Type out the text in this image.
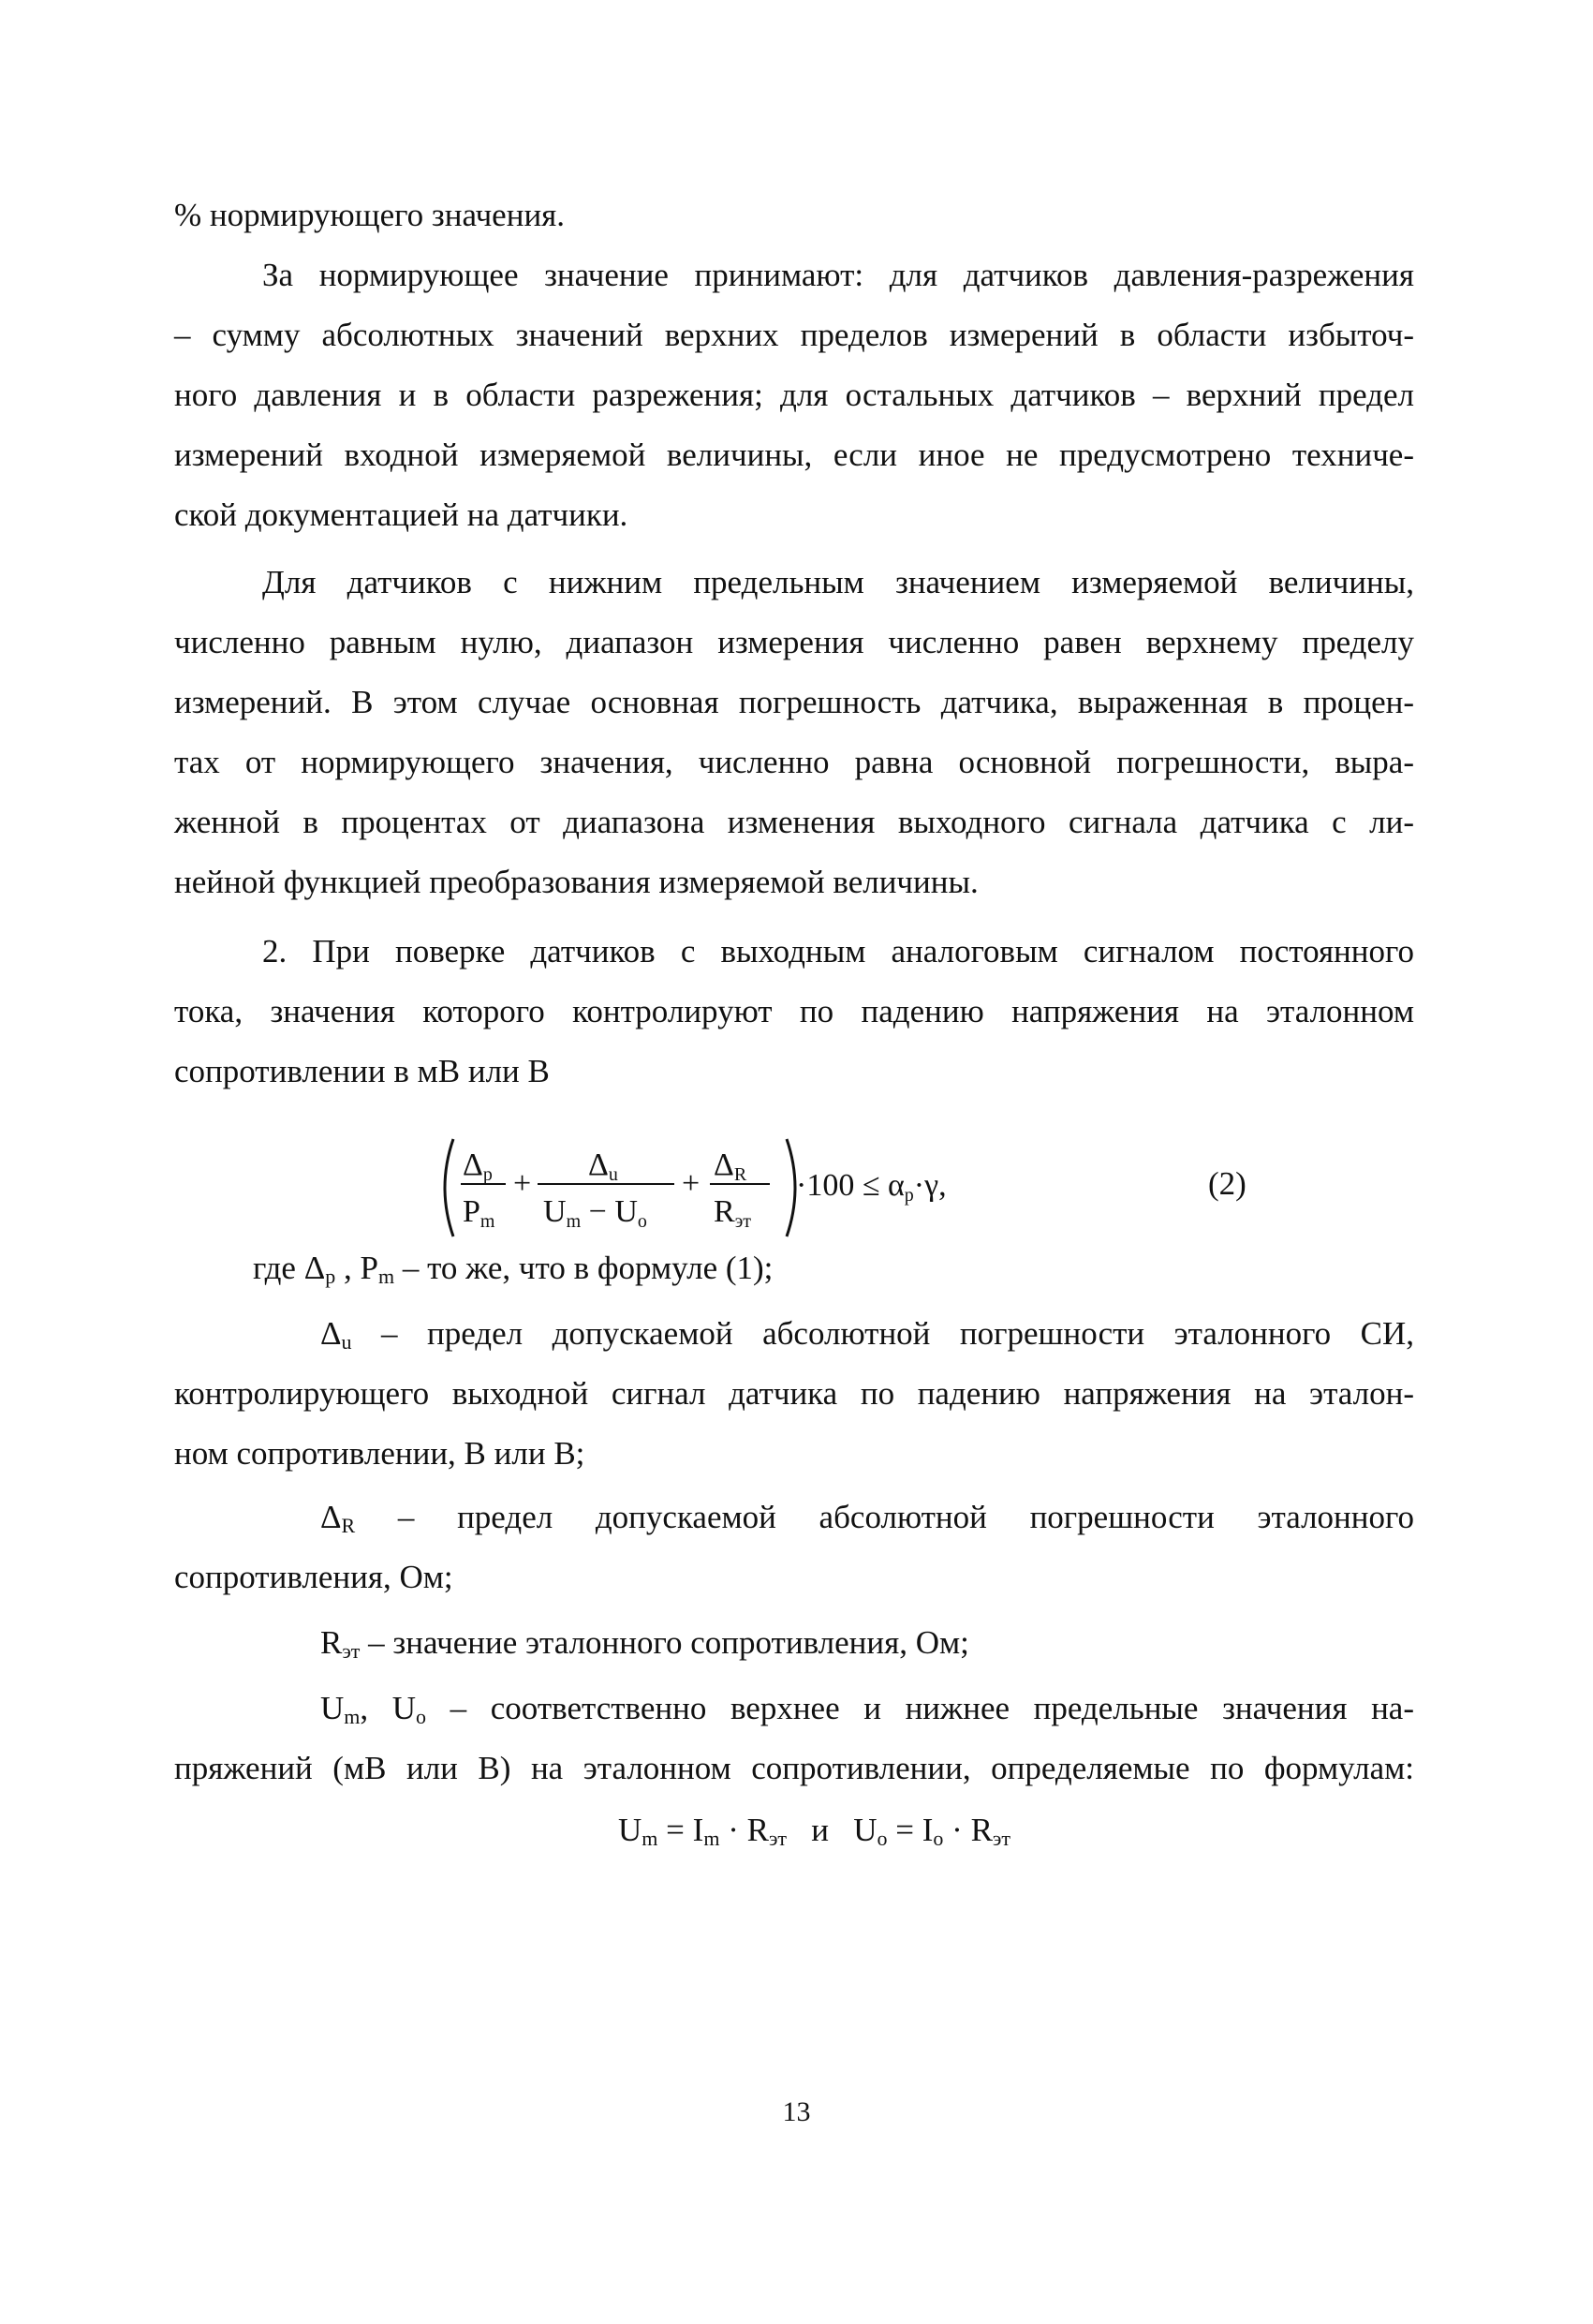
% нормирующего значения.
За нормирующее значение принимают: для датчиков давления-разрежения
– сумму абсолютных значений верхних пределов измерений в области избыточ-
ного давления и в области разрежения; для остальных датчиков – верхний предел
измерений входной измеряемой величины, если иное не предусмотрено техниче-
ской документацией на датчики.
Для датчиков с нижним предельным значением измеряемой величины,
численно равным нулю, диапазон измерения численно равен верхнему пределу
измерений. В этом случае основная погрешность датчика, выраженная в процен-
тах от нормирующего значения, численно равна основной погрешности, выра-
женной в процентах от диапазона изменения выходного сигнала датчика с ли-
нейной функцией преобразования измеряемой величины.
2. При поверке датчиков с выходным аналоговым сигналом постоянного
тока, значения которого контролируют по падению напряжения на эталонном
сопротивлении в мВ или В
Δp
Pm
+
Δu
Um − Uo
+
ΔR
Rэт
·100 ≤ αp·γ,	(2)
где $\Delta_p$ , $P_m$ – то же, что в формуле (1);
$\Delta_u$ – предел допускаемой абсолютной погрешности эталонного СИ,
контролирующего выходной сигнал датчика по падению напряжения на эталон-
ном сопротивлении, В или В;
$\Delta_R$ – предел допускаемой абсолютной погрешности эталонного
сопротивления, Ом;
$R_{эт}$ – значение эталонного сопротивления, Ом;
$U_m$, $U_o$ – соответственно верхнее и нижнее предельные значения на-
пряжений (мВ или В) на эталонном сопротивлении, определяемые по формулам:
$U_m = I_m \cdot R_{эт}$   и   $U_o = I_o \cdot R_{эт}$
13
